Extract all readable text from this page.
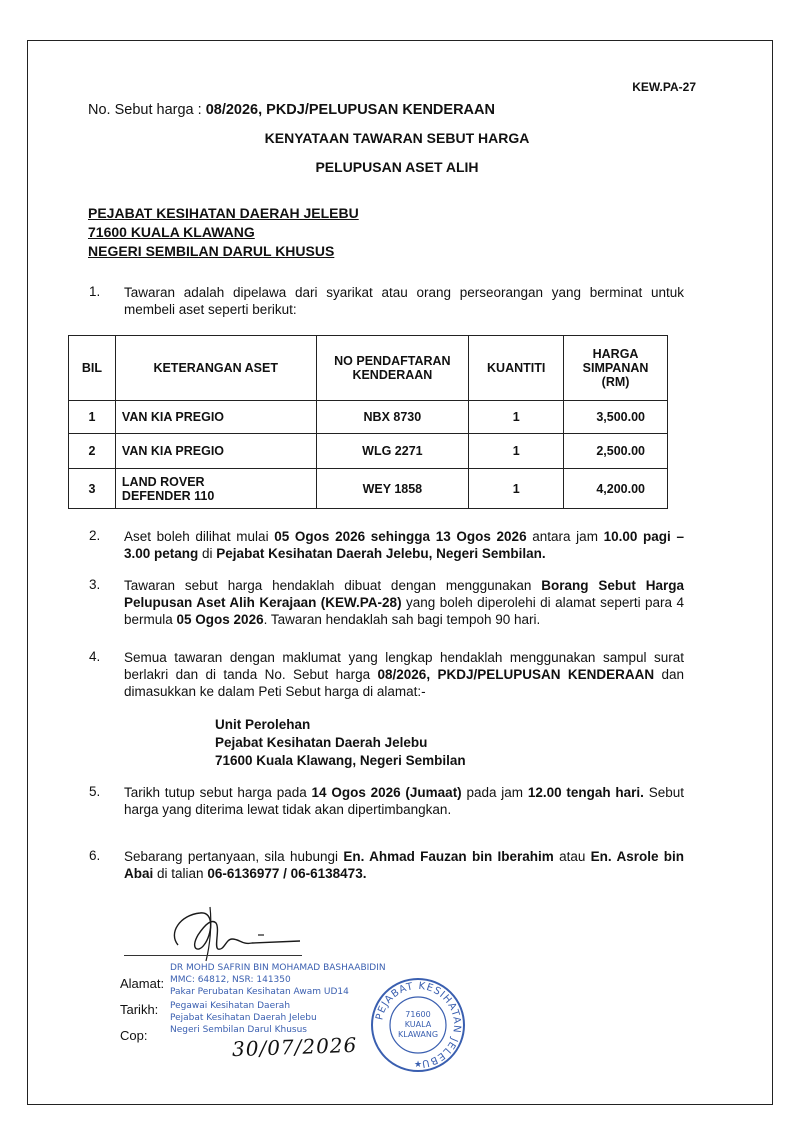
KEW.PA-27
No. Sebut harga : 08/2026, PKDJ/PELUPUSAN KENDERAAN
KENYATAAN TAWARAN SEBUT HARGA
PELUPUSAN ASET ALIH
PEJABAT KESIHATAN DAERAH JELEBU
71600 KUALA KLAWANG
NEGERI SEMBILAN DARUL KHUSUS
1. Tawaran adalah dipelawa dari syarikat atau orang perseorangan yang berminat untuk membeli aset seperti berikut:
BIL	KETERANGAN ASET	NO PENDAFTARAN KENDERAAN	KUANTITI	HARGA SIMPANAN (RM)
1	VAN KIA PREGIO	NBX 8730	1	3,500.00
2	VAN KIA PREGIO	WLG 2271	1	2,500.00
3	LAND ROVER DEFENDER 110	WEY 1858	1	4,200.00
2. Aset boleh dilihat mulai 05 Ogos 2026 sehingga 13 Ogos 2026 antara jam 10.00 pagi – 3.00 petang di Pejabat Kesihatan Daerah Jelebu, Negeri Sembilan.
3. Tawaran sebut harga hendaklah dibuat dengan menggunakan Borang Sebut Harga Pelupusan Aset Alih Kerajaan (KEW.PA-28) yang boleh diperolehi di alamat seperti para 4 bermula 05 Ogos 2026. Tawaran hendaklah sah bagi tempoh 90 hari.
4. Semua tawaran dengan maklumat yang lengkap hendaklah menggunakan sampul surat berlakri dan di tanda No. Sebut harga 08/2026, PKDJ/PELUPUSAN KENDERAAN dan dimasukkan ke dalam Peti Sebut harga di alamat:-
Unit Perolehan
Pejabat Kesihatan Daerah Jelebu
71600 Kuala Klawang, Negeri Sembilan
5. Tarikh tutup sebut harga pada 14 Ogos 2026 (Jumaat) pada jam 12.00 tengah hari. Sebut harga yang diterima lewat tidak akan dipertimbangkan.
6. Sebarang pertanyaan, sila hubungi En. Ahmad Fauzan bin Iberahim atau En. Asrole bin Abai di talian 06-6136977 / 06-6138473.
Alamat:
Tarikh:
Cop:
DR MOHD SAFRIN BIN MOHAMAD BASHAABIDIN
MMC: 64812, NSR: 141350
Pakar Perubatan Kesihatan Awam UD14
Pegawai Kesihatan Daerah
Pejabat Kesihatan Daerah Jelebu
Negeri Sembilan Darul Khusus
30/07/2026
PEJABAT KESIHATAN JELEBU
71600
KUALA
KLAWANG
★
